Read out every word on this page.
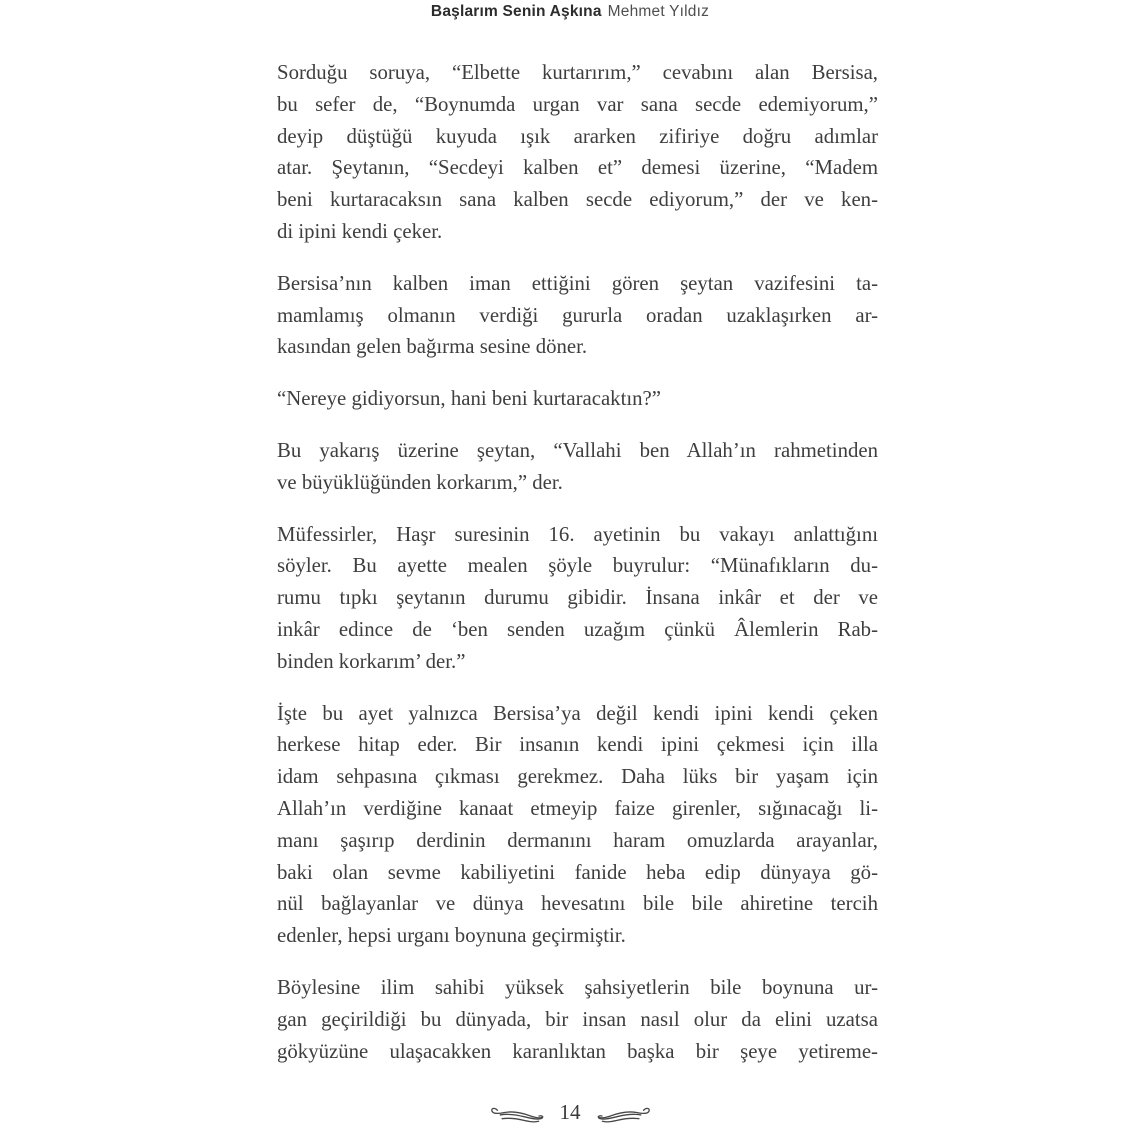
Başlarım Senin Aşkına Mehmet Yıldız
Sorduğu soruya, “Elbette kurtarırım,” cevabını alan Bersisa,
bu sefer de, “Boynumda urgan var sana secde edemiyorum,”
deyip düştüğü kuyuda ışık ararken zifiriye doğru adımlar
atar. Şeytanın, “Secdeyi kalben et” demesi üzerine, “Madem
beni kurtaracaksın sana kalben secde ediyorum,” der ve ken-
di ipini kendi çeker.
Bersisa’nın kalben iman ettiğini gören şeytan vazifesini ta-
mamlamış olmanın verdiği gururla oradan uzaklaşırken ar-
kasından gelen bağırma sesine döner.
“Nereye gidiyorsun, hani beni kurtaracaktın?”
Bu yakarış üzerine şeytan, “Vallahi ben Allah’ın rahmetinden
ve büyüklüğünden korkarım,” der.
Müfessirler, Haşr suresinin 16. ayetinin bu vakayı anlattığını
söyler. Bu ayette mealen şöyle buyrulur: “Münafıkların du-
rumu tıpkı şeytanın durumu gibidir. İnsana inkâr et der ve
inkâr edince de ‘ben senden uzağım çünkü Âlemlerin Rab-
binden korkarım’ der.”
İşte bu ayet yalnızca Bersisa’ya değil kendi ipini kendi çeken
herkese hitap eder. Bir insanın kendi ipini çekmesi için illa
idam sehpasına çıkması gerekmez. Daha lüks bir yaşam için
Allah’ın verdiğine kanaat etmeyip faize girenler, sığınacağı li-
manı şaşırıp derdinin dermanını haram omuzlarda arayanlar,
baki olan sevme kabiliyetini fanide heba edip dünyaya gö-
nül bağlayanlar ve dünya hevesatını bile bile ahiretine tercih
edenler, hepsi urganı boynuna geçirmiştir.
Böylesine ilim sahibi yüksek şahsiyetlerin bile boynuna ur-
gan geçirildiği bu dünyada, bir insan nasıl olur da elini uzatsa
gökyüzüne ulaşacakken karanlıktan başka bir şeye yetireme-
14
